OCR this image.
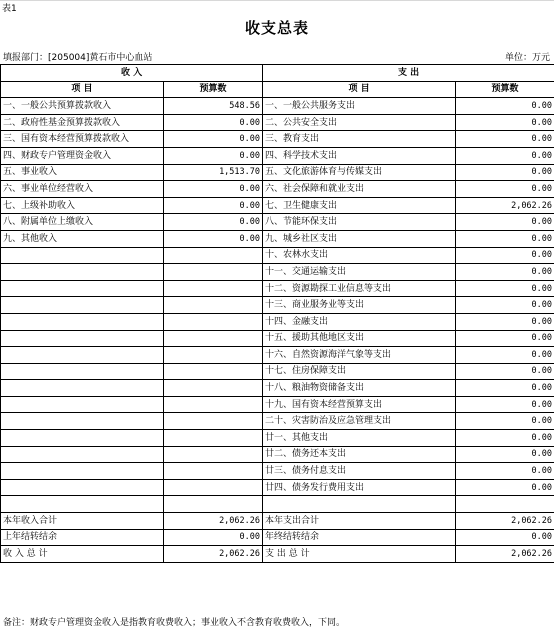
表1
收支总表
填报部门：[205004]黄石市中心血站	单位：万元
收 入		支 出	
项 目	预算数	项 目	预算数
一、一般公共预算拨款收入	548.56	一、一般公共服务支出	0.00
二、政府性基金预算拨款收入	0.00	二、公共安全支出	0.00
三、国有资本经营预算拨款收入	0.00	三、教育支出	0.00
四、财政专户管理资金收入	0.00	四、科学技术支出	0.00
五、事业收入	1,513.70	五、文化旅游体育与传媒支出	0.00
六、事业单位经营收入	0.00	六、社会保障和就业支出	0.00
七、上级补助收入	0.00	七、卫生健康支出	2,062.26
八、附属单位上缴收入	0.00	八、节能环保支出	0.00
九、其他收入	0.00	九、城乡社区支出	0.00
		十、农林水支出	0.00
		十一、交通运输支出	0.00
		十二、资源勘探工业信息等支出	0.00
		十三、商业服务业等支出	0.00
		十四、金融支出	0.00
		十五、援助其他地区支出	0.00
		十六、自然资源海洋气象等支出	0.00
		十七、住房保障支出	0.00
		十八、粮油物资储备支出	0.00
		十九、国有资本经营预算支出	0.00
		二十、灾害防治及应急管理支出	0.00
		廿一、其他支出	0.00
		廿二、债务还本支出	0.00
		廿三、债务付息支出	0.00
		廿四、债务发行费用支出	0.00

本年收入合计	2,062.26	本年支出合计	2,062.26
上年结转结余	0.00	年终结转结余	0.00
收 入 总 计	2,062.26	支 出 总 计	2,062.26
备注：财政专户管理资金收入是指教育收费收入；事业收入不含教育收费收入，下同。
